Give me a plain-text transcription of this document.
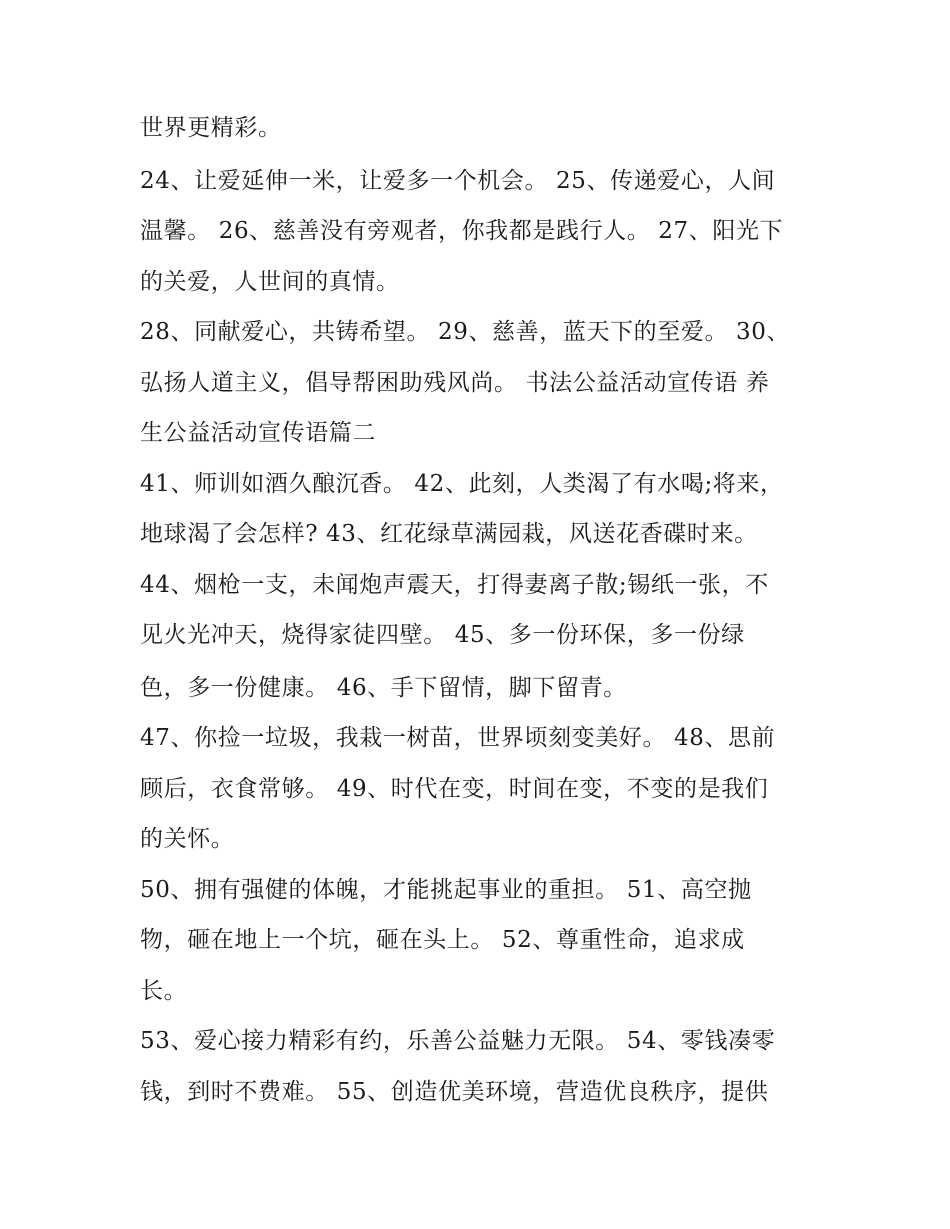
世界更精彩。
24、让爱延伸一米，让爱多一个机会。 25、传递爱心，人间
温馨。 26、慈善没有旁观者，你我都是践行人。 27、阳光下
的关爱，人世间的真情。
28、同献爱心，共铸希望。 29、慈善，蓝天下的至爱。 30、
弘扬人道主义，倡导帮困助残风尚。 书法公益活动宣传语 养
生公益活动宣传语篇二
41、师训如酒久酿沉香。 42、此刻，人类渴了有水喝;将来，
地球渴了会怎样? 43、红花绿草满园栽，风送花香碟时来。
44、烟枪一支，未闻炮声震天，打得妻离子散;锡纸一张，不
见火光冲天，烧得家徒四壁。 45、多一份环保，多一份绿
色，多一份健康。 46、手下留情，脚下留青。
47、你捡一垃圾，我栽一树苗，世界顷刻变美好。 48、思前
顾后，衣食常够。 49、时代在变，时间在变，不变的是我们
的关怀。
50、拥有强健的体魄，才能挑起事业的重担。 51、高空抛
物，砸在地上一个坑，砸在头上。 52、尊重性命，追求成
长。
53、爱心接力精彩有约，乐善公益魅力无限。 54、零钱凑零
钱，到时不费难。 55、创造优美环境，营造优良秩序，提供
